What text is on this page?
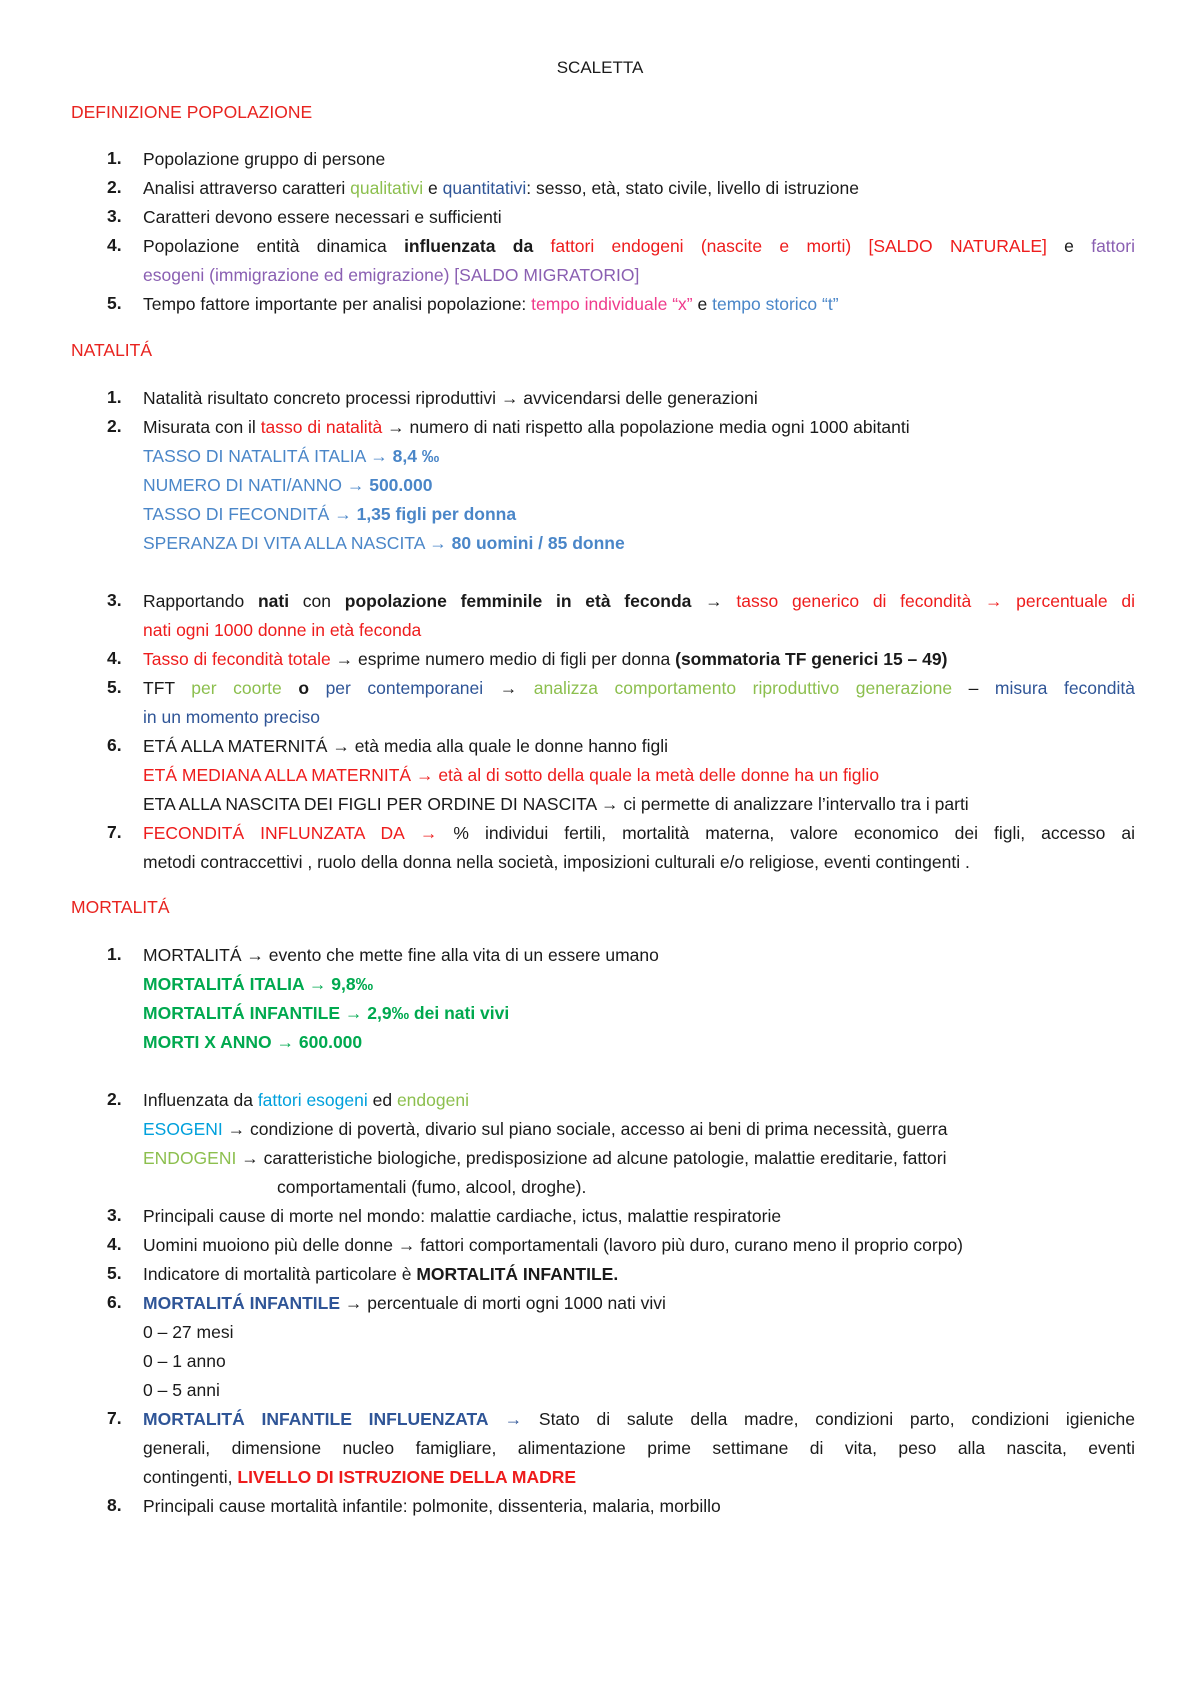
SCALETTA
DEFINIZIONE POPOLAZIONE
1.	Popolazione gruppo di persone
2.	Analisi attraverso caratteri qualitativi e quantitativi: sesso, età, stato civile, livello di istruzione
3.	Caratteri devono essere necessari e sufficienti
4.	Popolazione entità dinamica influenzata da fattori endogeni (nascite e morti) [SALDO NATURALE] e fattori
esogeni (immigrazione ed emigrazione) [SALDO MIGRATORIO]
5.	Tempo fattore importante per analisi popolazione: tempo individuale “x” e tempo storico “t”
NATALITÁ
1.	Natalità risultato concreto processi riproduttivi → avvicendarsi delle generazioni
2.	Misurata con il tasso di natalità → numero di nati rispetto alla popolazione media ogni 1000 abitanti
TASSO DI NATALITÁ ITALIA → 8,4 ‰
NUMERO DI NATI/ANNO → 500.000
TASSO DI FECONDITÁ → 1,35 figli per donna
SPERANZA DI VITA ALLA NASCITA → 80 uomini / 85 donne
3.	Rapportando nati con popolazione femminile in età feconda → tasso generico di fecondità → percentuale di
nati ogni 1000 donne in età feconda
4.	Tasso di fecondità totale → esprime numero medio di figli per donna (sommatoria TF generici 15 – 49)
5.	TFT per coorte o per contemporanei → analizza comportamento riproduttivo generazione – misura fecondità
in un momento preciso
6.	ETÁ ALLA MATERNITÁ → età media alla quale le donne hanno figli
ETÁ MEDIANA ALLA MATERNITÁ → età al di sotto della quale la metà delle donne ha un figlio
ETA ALLA NASCITA DEI FIGLI PER ORDINE DI NASCITA → ci permette di analizzare l’intervallo tra i parti
7.	FECONDITÁ INFLUNZATA DA → % individui fertili, mortalità materna, valore economico dei figli, accesso ai
metodi contraccettivi , ruolo della donna nella società, imposizioni culturali e/o religiose, eventi contingenti .
MORTALITÁ
1.	MORTALITÁ → evento che mette fine alla vita di un essere umano
MORTALITÁ ITALIA → 9,8‰
MORTALITÁ INFANTILE → 2,9‰ dei nati vivi
MORTI X ANNO → 600.000
2.	Influenzata da fattori esogeni ed endogeni
ESOGENI → condizione di povertà, divario sul piano sociale, accesso ai beni di prima necessità, guerra
ENDOGENI → caratteristiche biologiche, predisposizione ad alcune patologie, malattie ereditarie, fattori
comportamentali (fumo, alcool, droghe).
3.	Principali cause di morte nel mondo: malattie cardiache, ictus, malattie respiratorie
4.	Uomini muoiono più delle donne → fattori comportamentali (lavoro più duro, curano meno il proprio corpo)
5.	Indicatore di mortalità particolare è MORTALITÁ INFANTILE.
6.	MORTALITÁ INFANTILE → percentuale di morti ogni 1000 nati vivi
0 – 27 mesi
0 – 1 anno
0 – 5 anni
7.	MORTALITÁ INFANTILE INFLUENZATA → Stato di salute della madre, condizioni parto, condizioni igieniche
generali, dimensione nucleo famigliare, alimentazione prime settimane di vita, peso alla nascita, eventi
contingenti, LIVELLO DI ISTRUZIONE DELLA MADRE
8.	Principali cause mortalità infantile: polmonite, dissenteria, malaria, morbillo
